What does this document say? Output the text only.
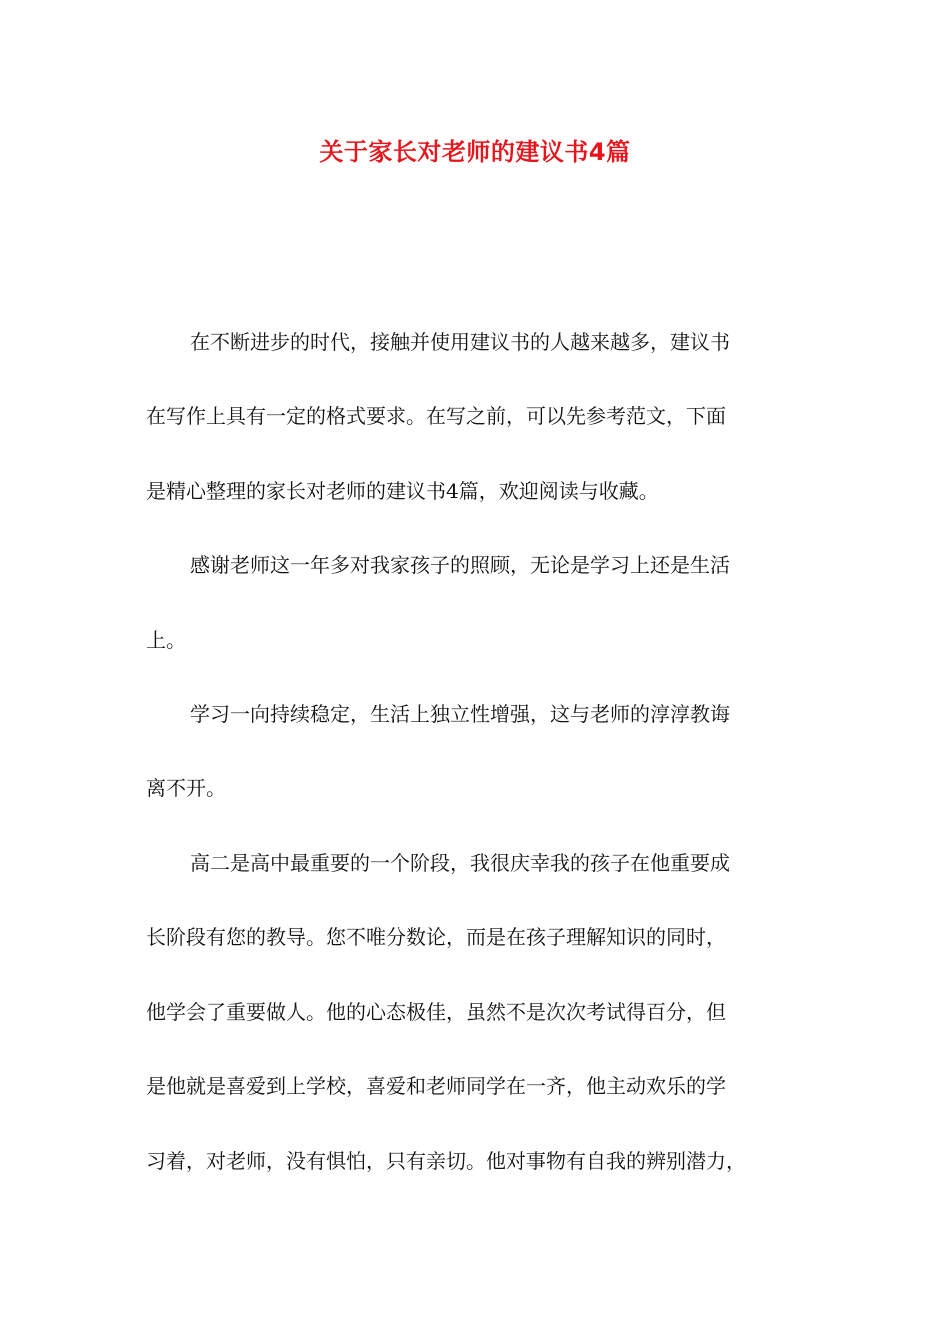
关于家长对老师的建议书4篇
在不断进步的时代，接触并使用建议书的人越来越多，建议书
在写作上具有一定的格式要求。在写之前，可以先参考范文，下面
是精心整理的家长对老师的建议书4篇，欢迎阅读与收藏。
感谢老师这一年多对我家孩子的照顾，无论是学习上还是生活
上。
学习一向持续稳定，生活上独立性增强，这与老师的淳淳教诲
离不开。
高二是高中最重要的一个阶段，我很庆幸我的孩子在他重要成
长阶段有您的教导。您不唯分数论，而是在孩子理解知识的同时，
他学会了重要做人。他的心态极佳，虽然不是次次考试得百分，但
是他就是喜爱到上学校，喜爱和老师同学在一齐，他主动欢乐的学
习着，对老师，没有惧怕，只有亲切。他对事物有自我的辨别潜力，
